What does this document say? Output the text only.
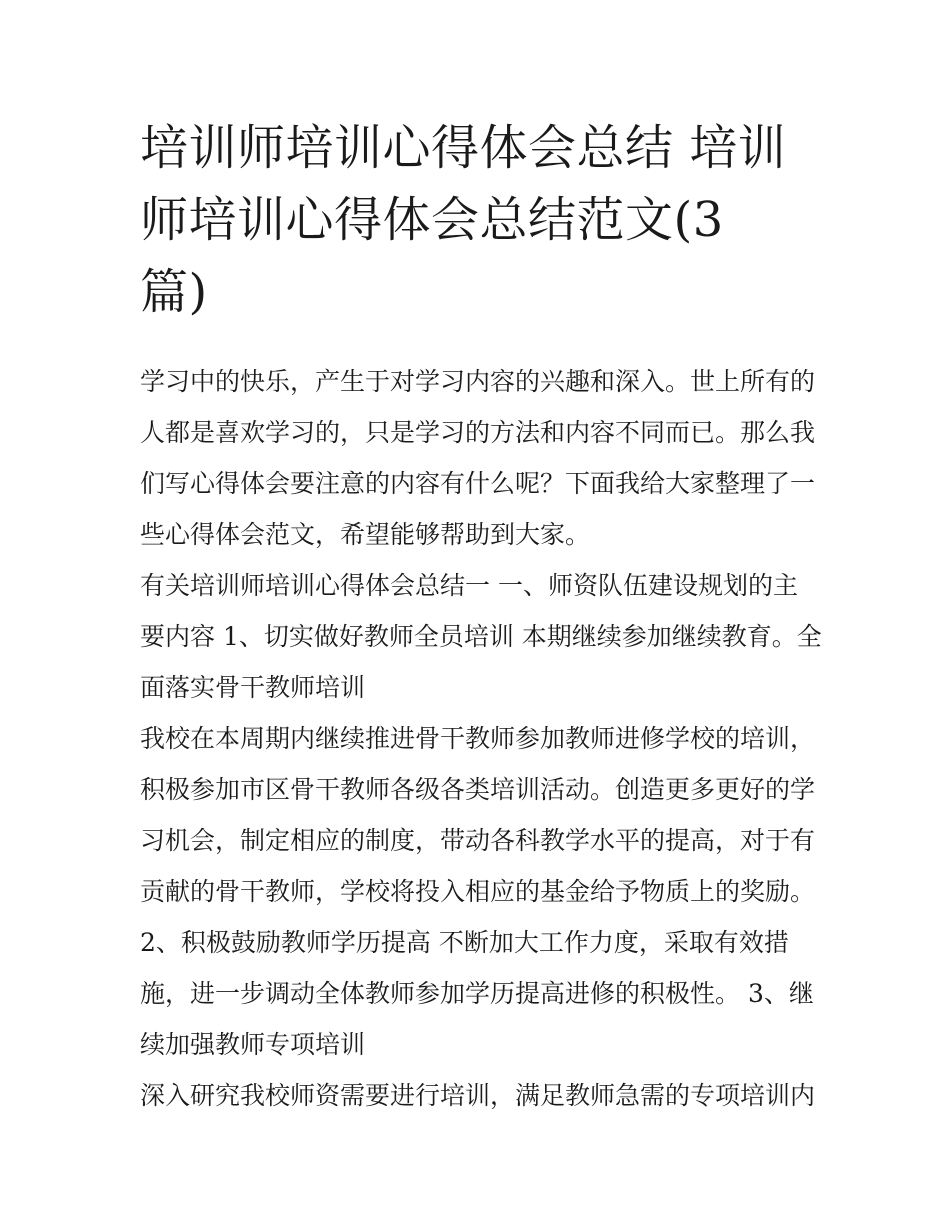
培训师培训心得体会总结 培训
师培训心得体会总结范文(3
篇)
学习中的快乐，产生于对学习内容的兴趣和深入。世上所有的
人都是喜欢学习的，只是学习的方法和内容不同而已。那么我
们写心得体会要注意的内容有什么呢？下面我给大家整理了一
些心得体会范文，希望能够帮助到大家。
有关培训师培训心得体会总结一 一、师资队伍建设规划的主
要内容 1、切实做好教师全员培训 本期继续参加继续教育。全
面落实骨干教师培训
我校在本周期内继续推进骨干教师参加教师进修学校的培训，
积极参加市区骨干教师各级各类培训活动。创造更多更好的学
习机会，制定相应的制度，带动各科教学水平的提高，对于有
贡献的骨干教师，学校将投入相应的基金给予物质上的奖励。
2、积极鼓励教师学历提高 不断加大工作力度，采取有效措
施，进一步调动全体教师参加学历提高进修的积极性。 3、继
续加强教师专项培训
深入研究我校师资需要进行培训，满足教师急需的专项培训内
